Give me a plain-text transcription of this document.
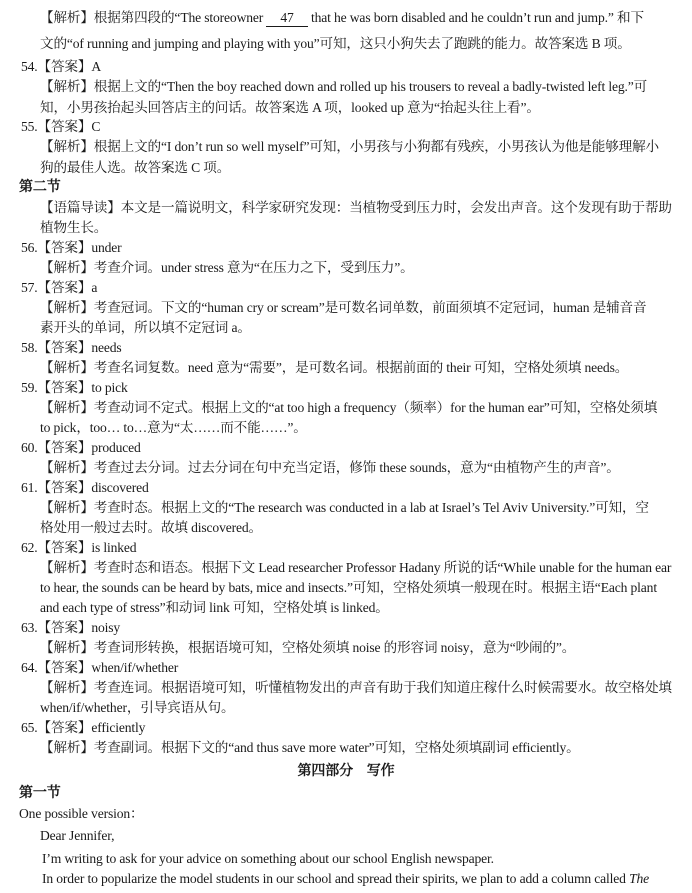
【解析】根据第四段的“The storeowner 47 that he was born disabled and he couldn’t run and jump.” 和下
文的“of running and jumping and playing with you”可知，这只小狗失去了跑跳的能力。故答案选 B 项。
54.【答案】A
【解析】根据上文的“Then the boy reached down and rolled up his trousers to reveal a badly-twisted left leg.”可
知，小男孩抬起头回答店主的问话。故答案选 A 项，looked up 意为“抬起头往上看”。
55.【答案】C
【解析】根据上文的“I don’t run so well myself”可知，小男孩与小狗都有残疾，小男孩认为他是能够理解小
狗的最佳人选。故答案选 C 项。
第二节
【语篇导读】本文是一篇说明文，科学家研究发现：当植物受到压力时，会发出声音。这个发现有助于帮助
植物生长。
56.【答案】under
【解析】考查介词。under stress 意为“在压力之下，受到压力”。
57.【答案】a
【解析】考查冠词。下文的“human cry or scream”是可数名词单数，前面须填不定冠词，human 是辅音音
素开头的单词，所以填不定冠词 a。
58.【答案】needs
【解析】考查名词复数。need 意为“需要”，是可数名词。根据前面的 their 可知，空格处须填 needs。
59.【答案】to pick
【解析】考查动词不定式。根据上文的“at too high a frequency（频率）for the human ear”可知，空格处须填
to pick，too… to…意为“太……而不能……”。
60.【答案】produced
【解析】考查过去分词。过去分词在句中充当定语，修饰 these sounds，意为“由植物产生的声音”。
61.【答案】discovered
【解析】考查时态。根据上文的“The research was conducted in a lab at Israel’s Tel Aviv University.”可知，空
格处用一般过去时。故填 discovered。
62.【答案】is linked
【解析】考查时态和语态。根据下文 Lead researcher Professor Hadany 所说的话“While unable for the human ear
to hear, the sounds can be heard by bats, mice and insects.”可知，空格处须填一般现在时。根据主语“Each plant
and each type of stress”和动词 link 可知，空格处填 is linked。
63.【答案】noisy
【解析】考查词形转换，根据语境可知，空格处须填 noise 的形容词 noisy，意为“吵闹的”。
64.【答案】when/if/whether
【解析】考查连词。根据语境可知，听懂植物发出的声音有助于我们知道庄稼什么时候需要水。故空格处填
when/if/whether，引导宾语从句。
65.【答案】efficiently
【解析】考查副词。根据下文的“and thus save more water”可知，空格处须填副词 efficiently。
第四部分　写作
第一节
One possible version：
Dear Jennifer,
I’m writing to ask for your advice on something about our school English newspaper.
In order to popularize the model students in our school and spread their spirits, we plan to add a column called The
